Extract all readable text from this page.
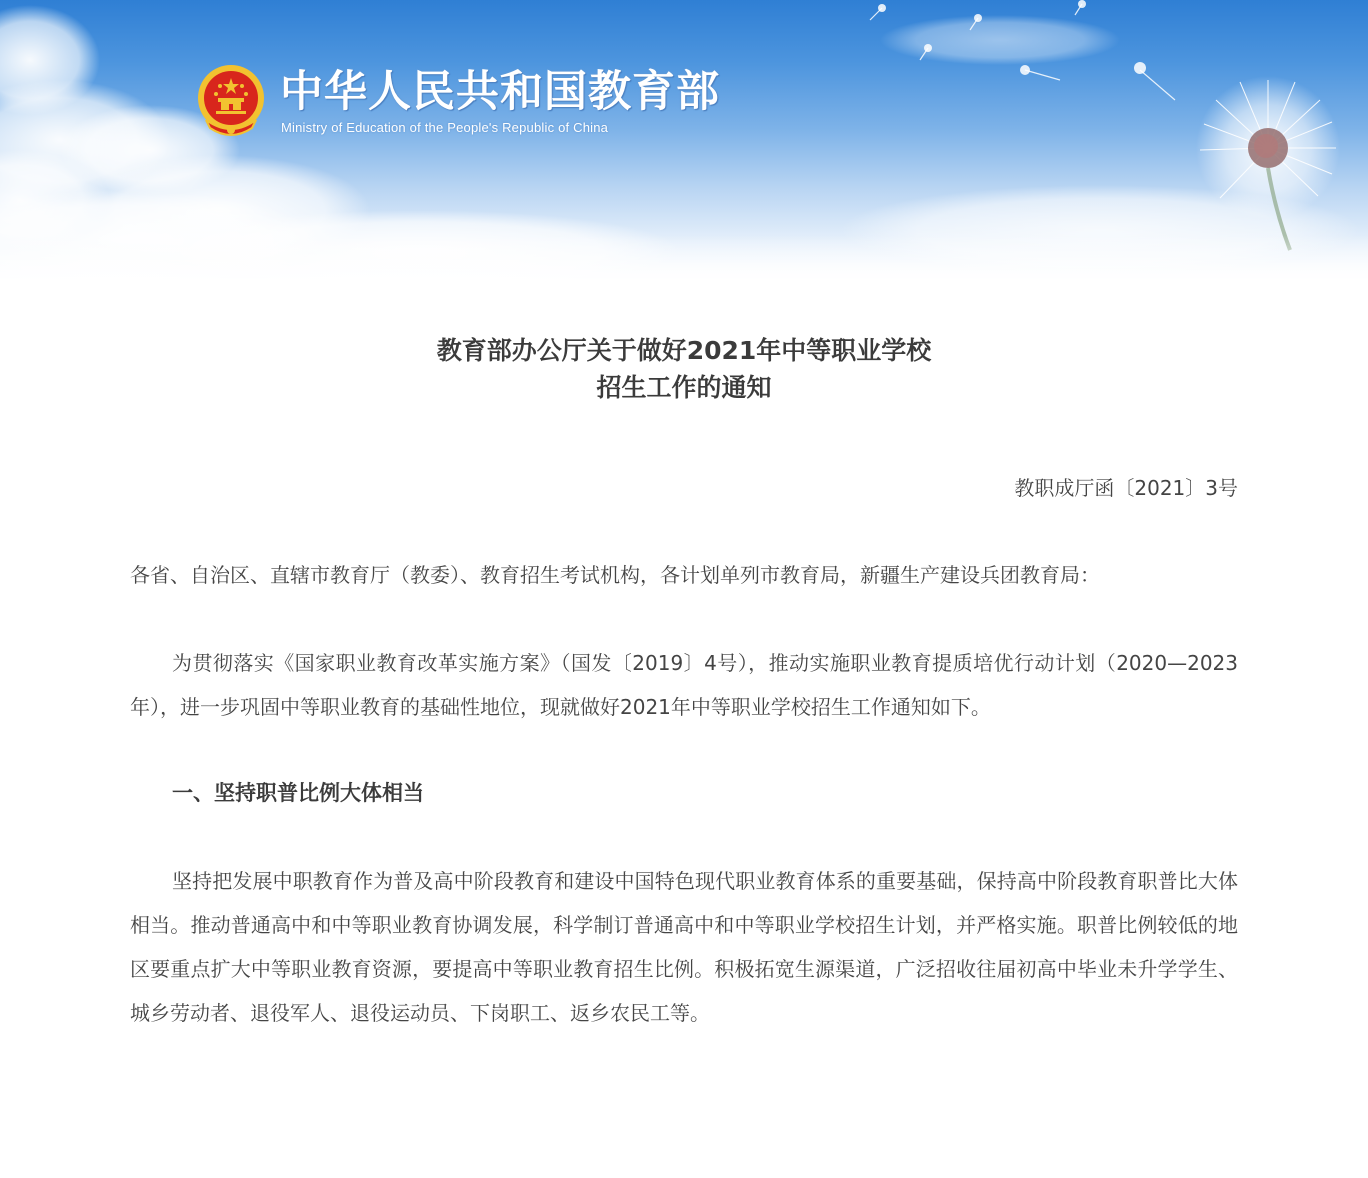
中华人民共和国教育部
Ministry of Education of the People's Republic of China
教育部办公厅关于做好2021年中等职业学校
招生工作的通知
教职成厅函〔2021〕3号
各省、自治区、直辖市教育厅（教委）、教育招生考试机构，各计划单列市教育局，新疆生产建设兵团教育局：
为贯彻落实《国家职业教育改革实施方案》（国发〔2019〕4号），推动实施职业教育提质培优行动计划（2020—2023年），进一步巩固中等职业教育的基础性地位，现就做好2021年中等职业学校招生工作通知如下。
一、坚持职普比例大体相当
坚持把发展中职教育作为普及高中阶段教育和建设中国特色现代职业教育体系的重要基础，保持高中阶段教育职普比大体相当。推动普通高中和中等职业教育协调发展，科学制订普通高中和中等职业学校招生计划，并严格实施。职普比例较低的地区要重点扩大中等职业教育资源，要提高中等职业教育招生比例。积极拓宽生源渠道，广泛招收往届初高中毕业未升学学生、城乡劳动者、退役军人、退役运动员、下岗职工、返乡农民工等。
